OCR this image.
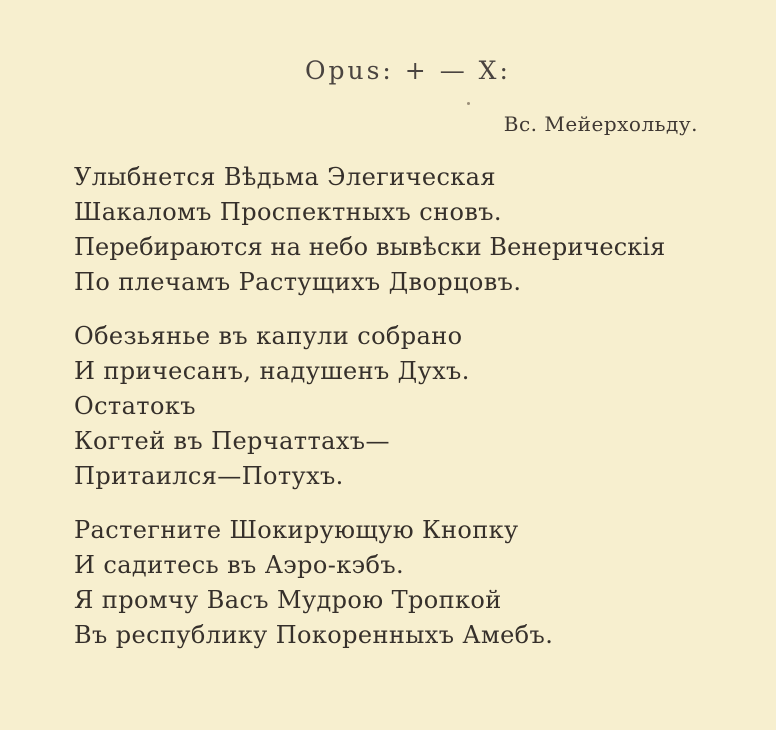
Opus: + — X:
Вс. Мейерхольду.
Улыбнется Вѣдьма Элегическая
Шакаломъ Проспектныхъ сновъ.
Перебираются на небо вывѣски Венерическія
По плечамъ Растущихъ Дворцовъ.
Обезьянье въ капули собрано
И причесанъ, надушенъ Духъ.
Остатокъ
Когтей въ Перчаттахъ—
Притаился—Потухъ.
Растегните Шокирующую Кнопку
И садитесь въ Аэро-кэбъ.
Я промчу Васъ Мудрою Тропкой
Въ республику Покоренныхъ Амебъ.
